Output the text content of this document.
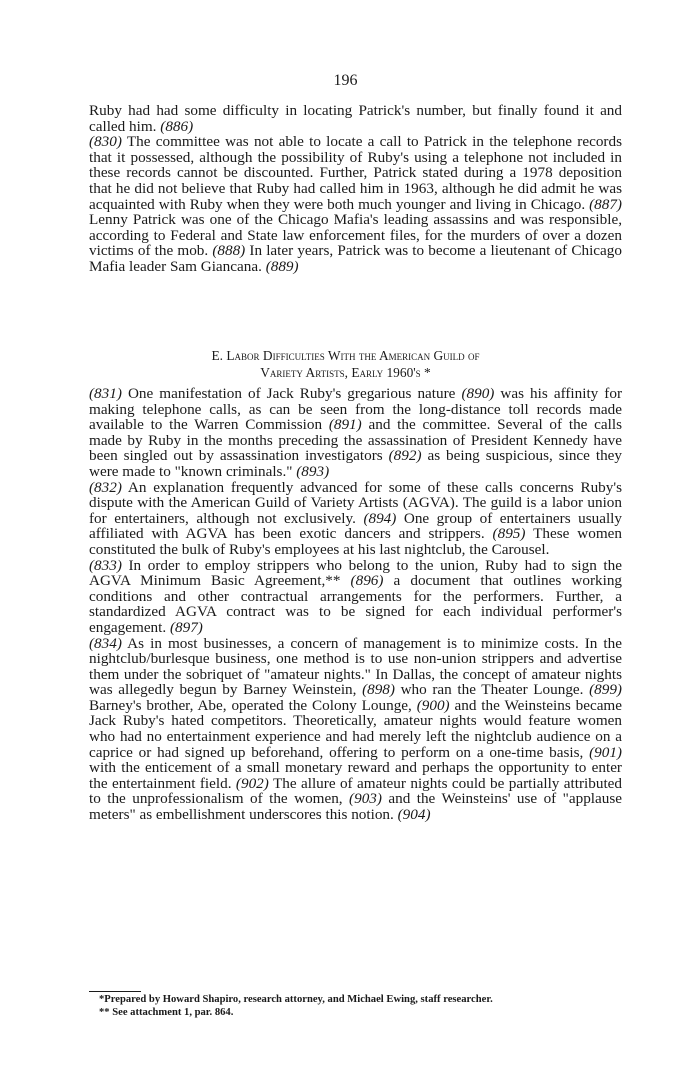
196

Ruby had had some difficulty in locating Patrick's number, but finally found it and called him. (886)

(830) The committee was not able to locate a call to Patrick in the telephone records that it possessed, although the possibility of Ruby's using a telephone not included in these records cannot be discounted. Further, Patrick stated during a 1978 deposition that he did not believe that Ruby had called him in 1963, although he did admit he was acquainted with Ruby when they were both much younger and living in Chicago. (887) Lenny Patrick was one of the Chicago Mafia's leading assassins and was responsible, according to Federal and State law enforcement files, for the murders of over a dozen victims of the mob. (888) In later years, Patrick was to become a lieutenant of Chicago Mafia leader Sam Giancana. (889)

E. Labor Difficulties With the American Guild of
Variety Artists, Early 1960's *

(831) One manifestation of Jack Ruby's gregarious nature (890) was his affinity for making telephone calls, as can be seen from the long-distance toll records made available to the Warren Commission (891) and the committee. Several of the calls made by Ruby in the months preceding the assassination of President Kennedy have been singled out by assassination investigators (892) as being suspicious, since they were made to "known criminals." (893)

(832) An explanation frequently advanced for some of these calls concerns Ruby's dispute with the American Guild of Variety Artists (AGVA). The guild is a labor union for entertainers, although not exclusively. (894) One group of entertainers usually affiliated with AGVA has been exotic dancers and strippers. (895) These women constituted the bulk of Ruby's employees at his last nightclub, the Carousel.

(833) In order to employ strippers who belong to the union, Ruby had to sign the AGVA Minimum Basic Agreement,** (896) a document that outlines working conditions and other contractual arrangements for the performers. Further, a standardized AGVA contract was to be signed for each individual performer's engagement. (897)

(834) As in most businesses, a concern of management is to minimize costs. In the nightclub/burlesque business, one method is to use non-union strippers and advertise them under the sobriquet of "amateur nights." In Dallas, the concept of amateur nights was allegedly begun by Barney Weinstein, (898) who ran the Theater Lounge. (899) Barney's brother, Abe, operated the Colony Lounge, (900) and the Weinsteins became Jack Ruby's hated competitors. Theoretically, amateur nights would feature women who had no entertainment experience and had merely left the nightclub audience on a caprice or had signed up beforehand, offering to perform on a one-time basis, (901) with the enticement of a small monetary reward and perhaps the opportunity to enter the entertainment field. (902) The allure of amateur nights could be partially attributed to the unprofessionalism of the women, (903) and the Weinsteins' use of "applause meters" as embellishment underscores this notion. (904)

*Prepared by Howard Shapiro, research attorney, and Michael Ewing, staff researcher.

** See attachment 1, par. 864.
